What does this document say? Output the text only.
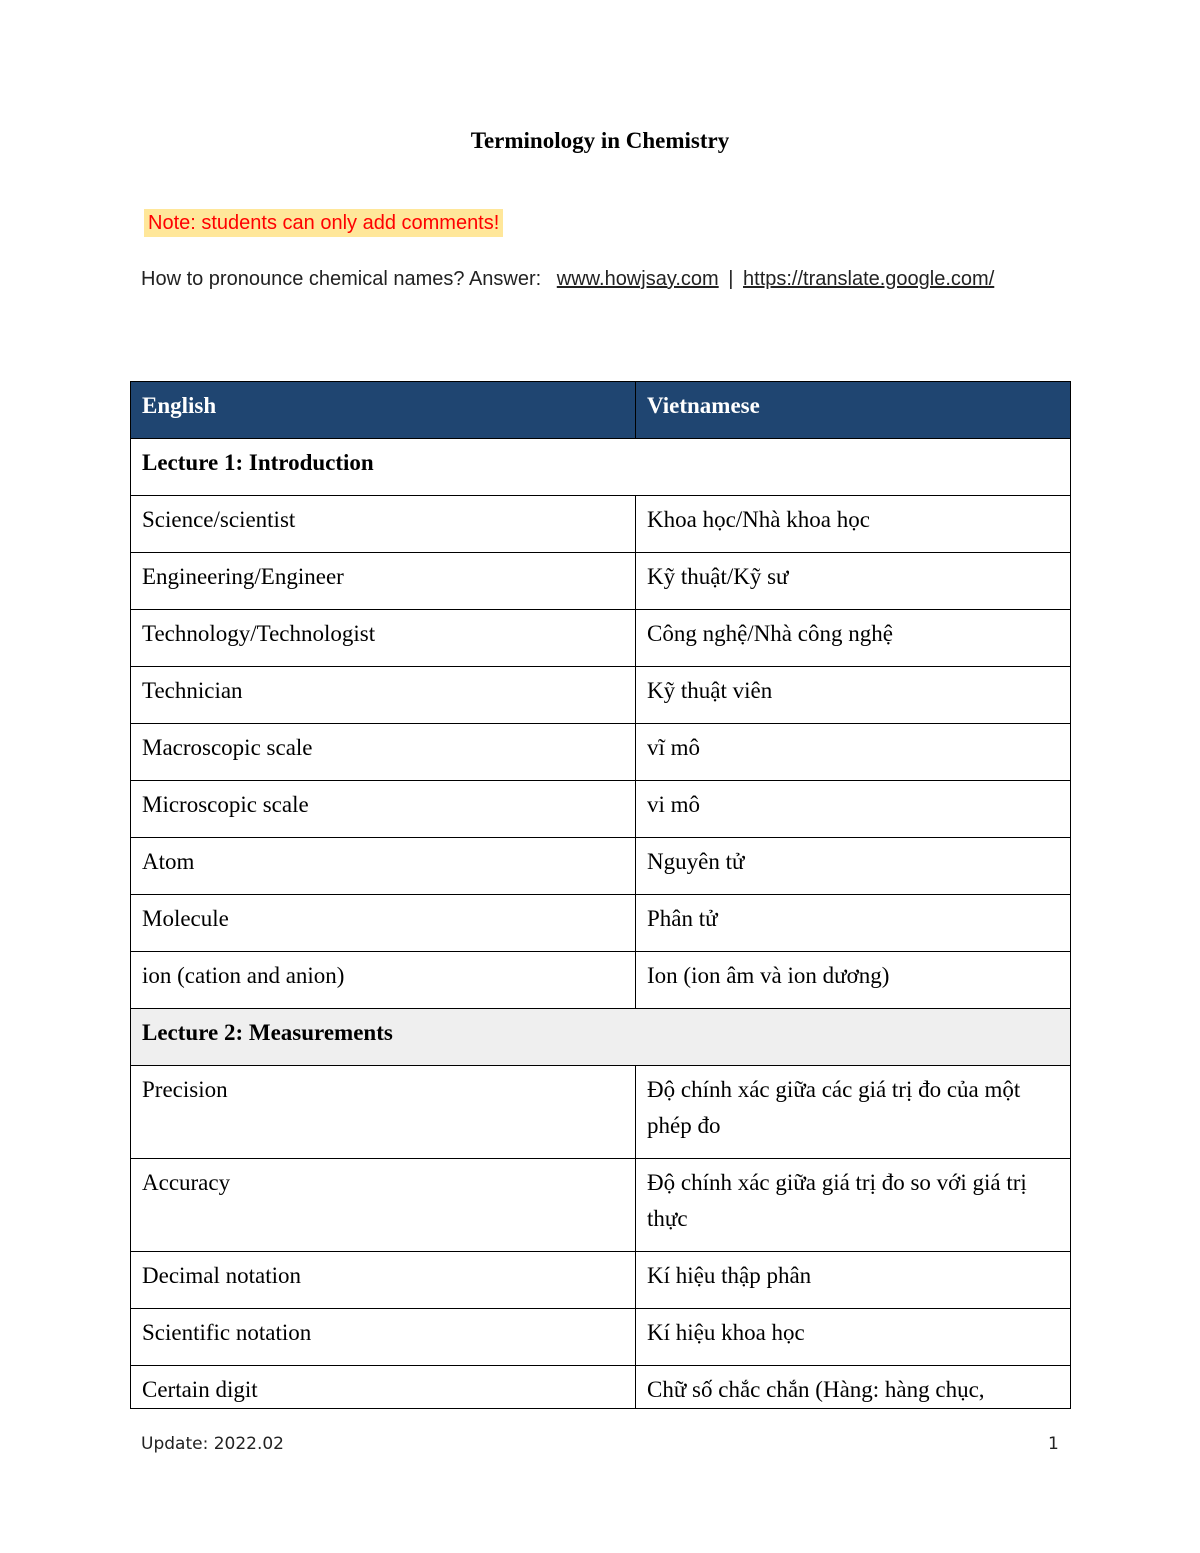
Terminology in Chemistry
Note: students can only add comments!
How to pronounce chemical names? Answer: www.howjsay.com | https://translate.google.com/
English	Vietnamese
Lecture 1: Introduction	
Science/scientist	Khoa học/Nhà khoa học
Engineering/Engineer	Kỹ thuật/Kỹ sư
Technology/Technologist	Công nghệ/Nhà công nghệ
Technician	Kỹ thuật viên
Macroscopic scale	vĩ mô
Microscopic scale	vi mô
Atom	Nguyên tử
Molecule	Phân tử
ion (cation and anion)	Ion (ion âm và ion dương)
Lecture 2: Measurements	
Precision	Độ chính xác giữa các giá trị đo của một phép đo
Accuracy	Độ chính xác giữa giá trị đo so với giá trị thực
Decimal notation	Kí hiệu thập phân
Scientific notation	Kí hiệu khoa học
Certain digit	Chữ số chắc chắn (Hàng: hàng chục,
Update: 2022.02	1
